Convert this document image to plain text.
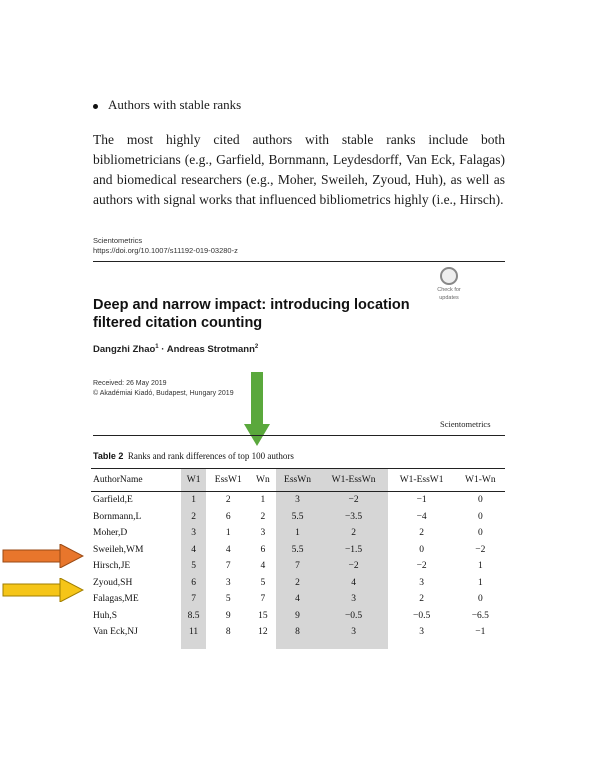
Authors with stable ranks
The most highly cited authors with stable ranks include both bibliometricians (e.g., Garfield, Bornmann, Leydesdorff, Van Eck, Falagas) and biomedical researchers (e.g., Moher, Sweileh, Zyoud, Huh), as well as authors with signal works that influenced bibliometrics highly (i.e., Hirsch).
Scientometrics
https://doi.org/10.1007/s11192-019-03280-z
Check for
updates
Deep and narrow impact: introducing location filtered citation counting
Dangzhi Zhao$^1$ · Andreas Strotmann$^2$
Received: 26 May 2019
© Akadémiai Kiadó, Budapest, Hungary 2019
Scientometrics
Table 2 Ranks and rank differences of top 100 authors
AuthorName	W1	EssW1	Wn	EssWn	W1-EssWn	W1-EssW1	W1-Wn
Garfield,E	1	2	1	3	−2	−1	0
Bornmann,L	2	6	2	5.5	−3.5	−4	0
Moher,D	3	1	3	1	2	2	0
Sweileh,WM	4	4	6	5.5	−1.5	0	−2
Hirsch,JE	5	7	4	7	−2	−2	1
Zyoud,SH	6	3	5	2	4	3	1
Falagas,ME	7	5	7	4	3	2	0
Huh,S	8.5	9	15	9	−0.5	−0.5	−6.5
Van Eck,NJ	11	8	12	8	3	3	−1
